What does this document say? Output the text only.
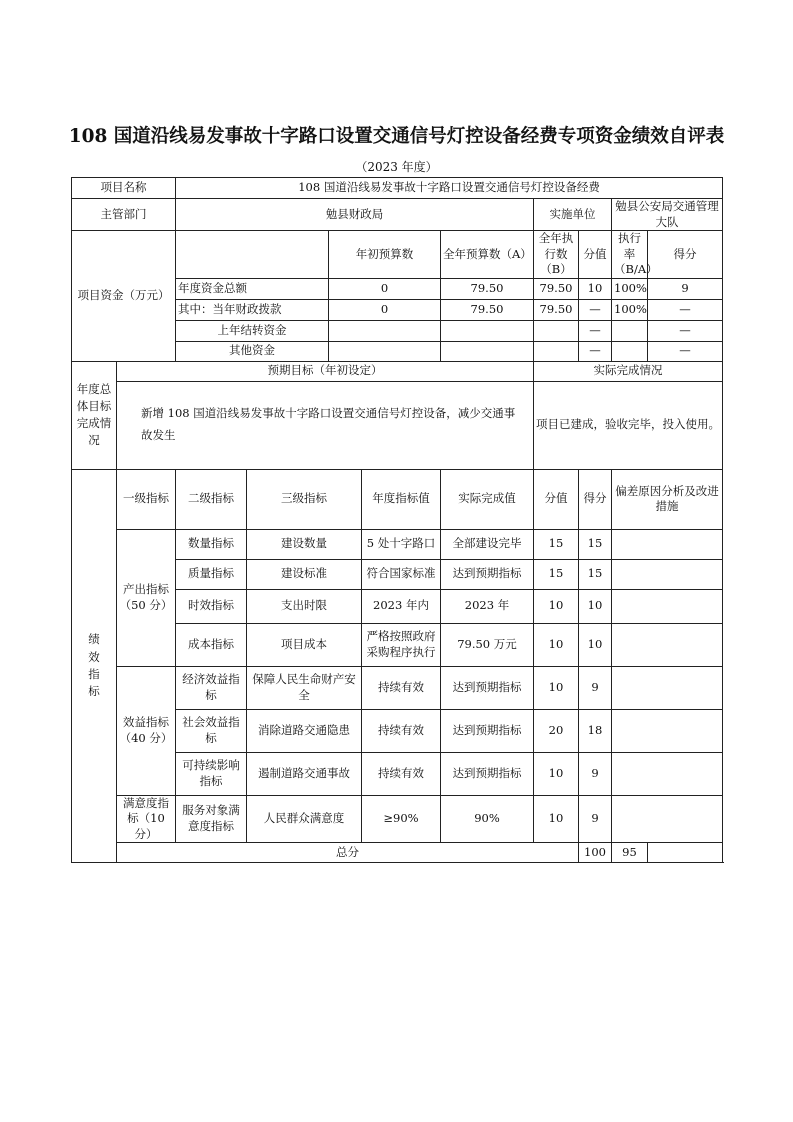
108 国道沿线易发事故十字路口设置交通信号灯控设备经费专项资金绩效自评表
（2023 年度）
项目名称		108 国道沿线易发事故十字路口设置交通信号灯控设备经费								
主管部门		勉县财政局					实施单位		勉县公安局交通管理大队	
项目资金（万元）				年初预算数		全年预算数（A）	全年执行数（B）	分值	执行率（B/A）	得分
		年度资金总额		0		79.50	79.50	10	100%	9
		其中：当年财政拨款		0		79.50	79.50	—	100%	—
		上年结转资金						—		—
		其他资金						—		—
年度总体目标完成情况	预期目标（年初设定）						实际完成情况			
	新增 108 国道沿线易发事故十字路口设置交通信号灯控设备，减少交通事故发生						项目已建成，验收完毕，投入使用。			
绩效指标	一级指标	二级指标	三级指标		年度指标值	实际完成值	分值	得分	偏差原因分析及改进措施	
	产出指标（50 分）	数量指标	建设数量		5 处十字路口	全部建设完毕	15	15		
		质量指标	建设标准		符合国家标准	达到预期指标	15	15		
		时效指标	支出时限		2023 年内	2023 年	10	10		
		成本指标	项目成本		严格按照政府采购程序执行	79.50 万元	10	10		
	效益指标（40 分）	经济效益指标	保障人民生命财产安全		持续有效	达到预期指标	10	9		
		社会效益指标	消除道路交通隐患		持续有效	达到预期指标	20	18		
		可持续影响指标	遏制道路交通事故		持续有效	达到预期指标	10	9		
	满意度指标（10 分）	服务对象满意度指标	人民群众满意度		≥90%	90%	10	9		
	总分							100	95	
